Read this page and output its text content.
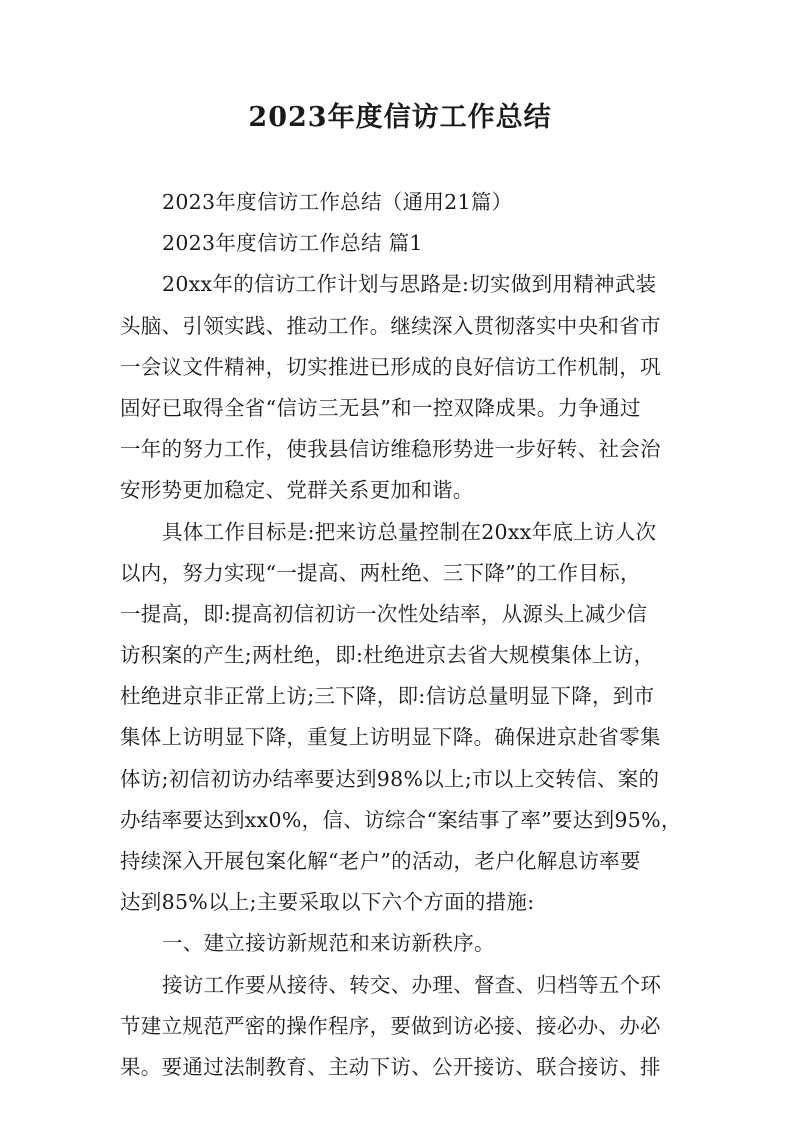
2023年度信访工作总结
2023年度信访工作总结（通用21篇）
2023年度信访工作总结 篇1
20xx年的信访工作计划与思路是:切实做到用精神武装
头脑、引领实践、推动工作。继续深入贯彻落实中央和省市
一会议文件精神，切实推进已形成的良好信访工作机制，巩
固好已取得全省“信访三无县”和一控双降成果。力争通过
一年的努力工作，使我县信访维稳形势进一步好转、社会治
安形势更加稳定、党群关系更加和谐。
具体工作目标是:把来访总量控制在20xx年底上访人次
以内，努力实现“一提高、两杜绝、三下降”的工作目标，
一提高，即:提高初信初访一次性处结率，从源头上减少信
访积案的产生;两杜绝，即:杜绝进京去省大规模集体上访，
杜绝进京非正常上访;三下降，即:信访总量明显下降，到市
集体上访明显下降，重复上访明显下降。确保进京赴省零集
体访;初信初访办结率要达到98%以上;市以上交转信、案的
办结率要达到xx0%，信、访综合“案结事了率”要达到95%，
持续深入开展包案化解“老户”的活动，老户化解息访率要
达到85%以上;主要采取以下六个方面的措施:
一、建立接访新规范和来访新秩序。
接访工作要从接待、转交、办理、督查、归档等五个环
节建立规范严密的操作程序，要做到访必接、接必办、办必
果。要通过法制教育、主动下访、公开接访、联合接访、排
